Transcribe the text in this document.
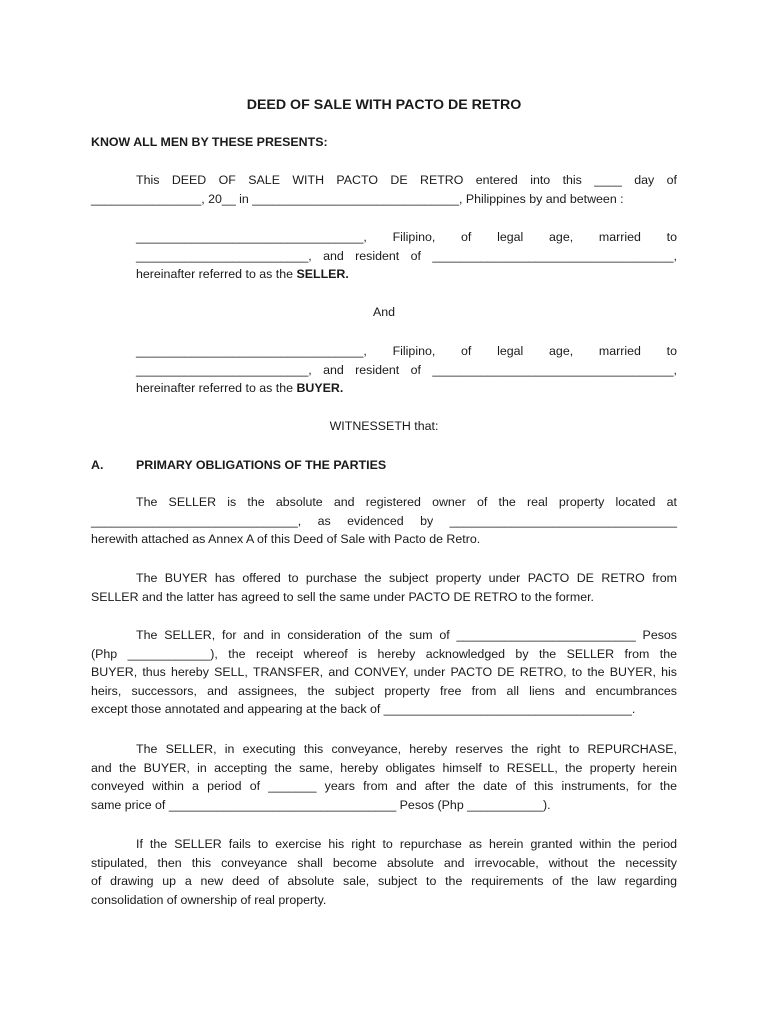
DEED OF SALE WITH PACTO DE RETRO

KNOW ALL MEN BY THESE PRESENTS:

This DEED OF SALE WITH PACTO DE RETRO entered into this ____ day of
________________, 20__ in ______________________________, Philippines by and between :
_________________________________, Filipino, of legal age, married to
_________________________, and resident of ___________________________________,
hereinafter referred to as the SELLER.

And

_________________________________, Filipino, of legal age, married to
_________________________, and resident of ___________________________________,
hereinafter referred to as the BUYER.

WITNESSETH that:

A.	PRIMARY OBLIGATIONS OF THE PARTIES
The SELLER is the absolute and registered owner of the real property located at
______________________________, as evidenced by _________________________________
herewith attached as Annex A of this Deed of Sale with Pacto de Retro.
The BUYER has offered to purchase the subject property under PACTO DE RETRO from
SELLER and the latter has agreed to sell the same under PACTO DE RETRO to the former.
The SELLER, for and in consideration of the sum of __________________________ Pesos
(Php ____________), the receipt whereof is hereby acknowledged by the SELLER from the
BUYER, thus hereby SELL, TRANSFER, and CONVEY, under PACTO DE RETRO, to the BUYER, his
heirs, successors, and assignees, the subject property free from all liens and encumbrances
except those annotated and appearing at the back of ____________________________________.
The SELLER, in executing this conveyance, hereby reserves the right to REPURCHASE,
and the BUYER, in accepting the same, hereby obligates himself to RESELL, the property herein
conveyed within a period of _______ years from and after the date of this instruments, for the
same price of _________________________________ Pesos (Php ___________).
If the SELLER fails to exercise his right to repurchase as herein granted within the period
stipulated, then this conveyance shall become absolute and irrevocable, without the necessity
of drawing up a new deed of absolute sale, subject to the requirements of the law regarding
consolidation of ownership of real property.
